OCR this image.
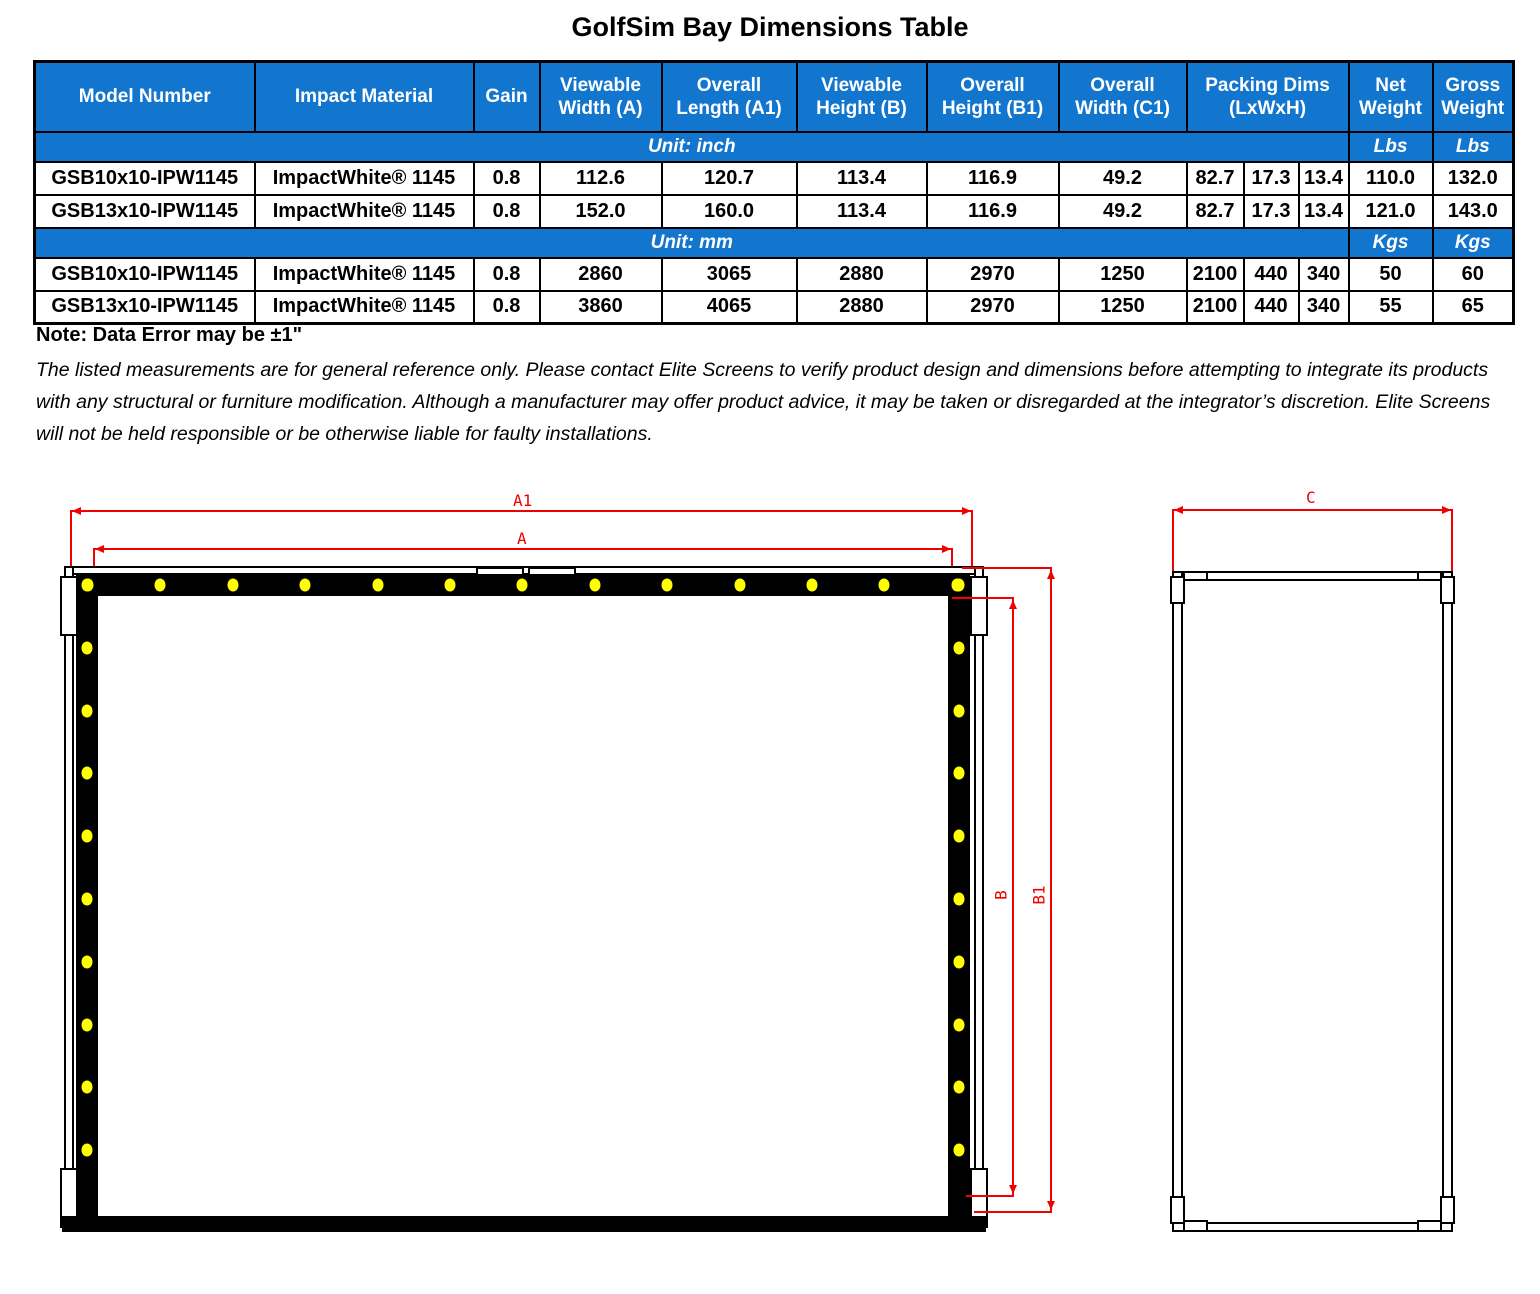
GolfSim Bay Dimensions Table
Model Number	Impact Material	Gain	Viewable Width (A)	Overall Length (A1)	Viewable Height (B)	Overall Height (B1)	Overall Width (C1)	Packing Dims (LxWxH)			Net Weight	Gross Weight
Unit: inch											Lbs	Lbs
GSB10x10-IPW1145	ImpactWhite® 1145	0.8	112.6	120.7	113.4	116.9	49.2	82.7	17.3	13.4	110.0	132.0
GSB13x10-IPW1145	ImpactWhite® 1145	0.8	152.0	160.0	113.4	116.9	49.2	82.7	17.3	13.4	121.0	143.0
Unit: mm											Kgs	Kgs
GSB10x10-IPW1145	ImpactWhite® 1145	0.8	2860	3065	2880	2970	1250	2100	440	340	50	60
GSB13x10-IPW1145	ImpactWhite® 1145	0.8	3860	4065	2880	2970	1250	2100	440	340	55	65
Note: Data Error may be ±1"
The listed measurements are for general reference only. Please contact Elite Screens to verify product design and dimensions before attempting to integrate its products with any structural or furniture modification. Although a manufacturer may offer product advice, it may be taken or disregarded at the integrator’s discretion. Elite Screens will not be held responsible or be otherwise liable for faulty installations.
A1
A
B B1
C
